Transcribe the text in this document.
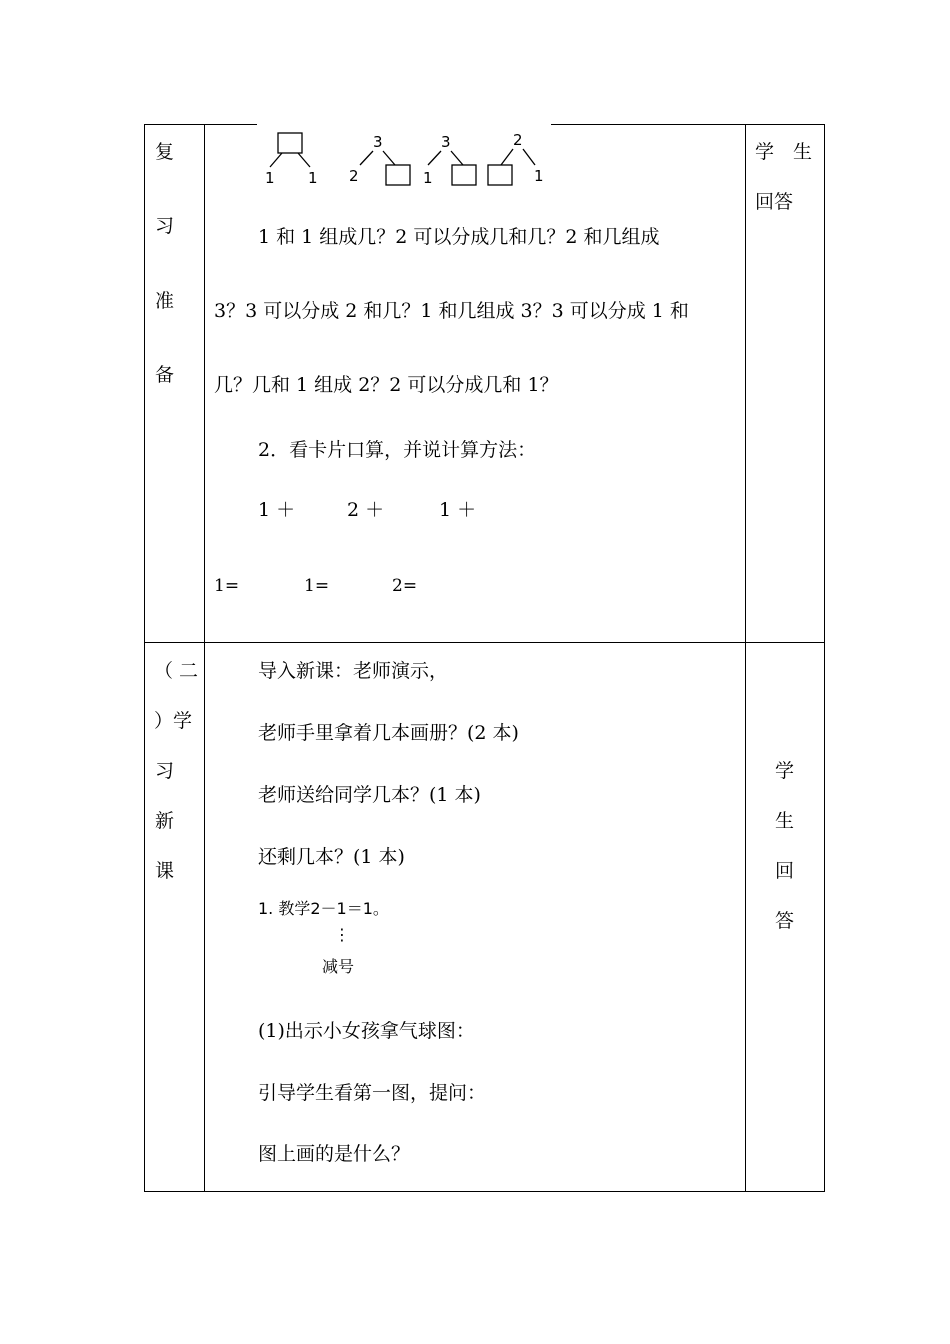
复
习
准
备
1 1
3
2
3
1
2
1
1 和 1 组成几？2 可以分成几和几？2 和几组成
3？3 可以分成 2 和几？1 和几组成 3？3 可以分成 1 和
几？几和 1 组成 2？2 可以分成几和 1？
2．看卡片口算，并说计算方法：
1 ＋	2 ＋	1 ＋
1=	1=	2=
学　生
回答
（ 二
）学
习
新
课
导入新课：老师演示，
老师手里拿着几本画册？(2 本)
老师送给同学几本？(1 本)
还剩几本？(1 本)
1. 教学2－1＝1。
⋮
减号
(1)出示小女孩拿气球图：
引导学生看第一图，提问：
图上画的是什么？
学
生
回
答
